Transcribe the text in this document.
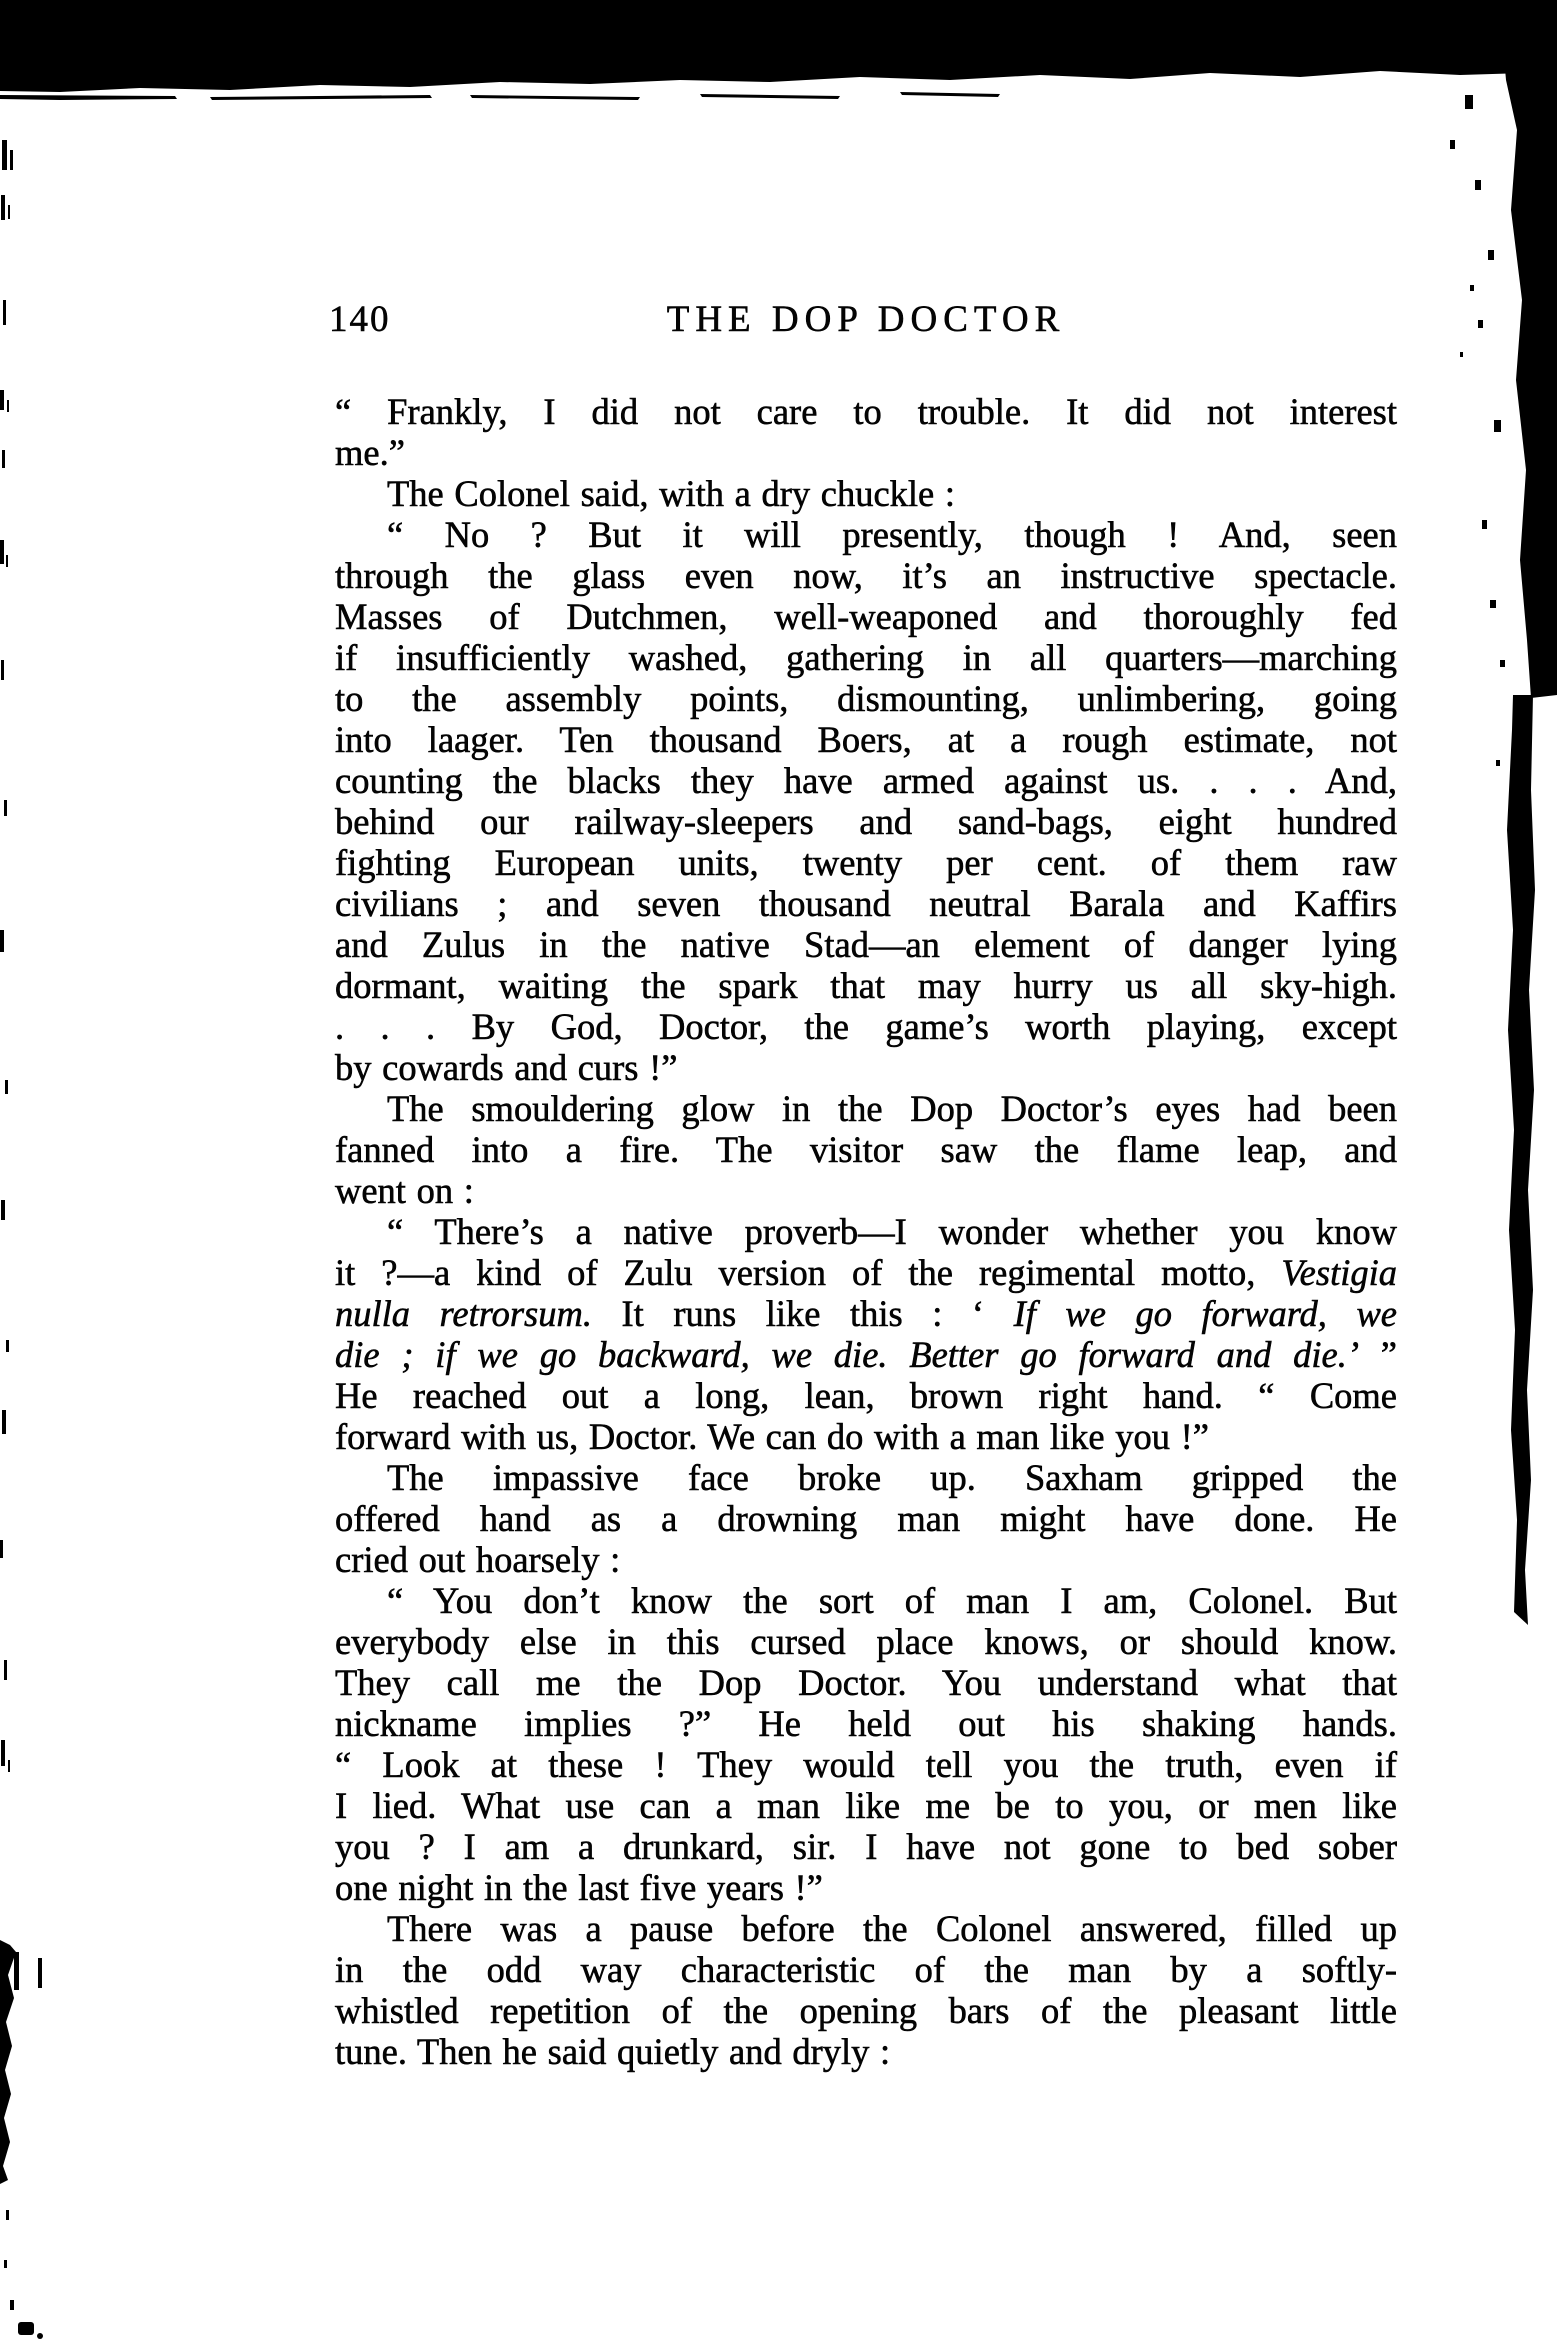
140	THE DOP DOCTOR
“ Frankly, I did not care to trouble. It did not interest
me.”
The Colonel said, with a dry chuckle :
“ No ? But it will presently, though ! And, seen
through the glass even now, it’s an instructive spectacle.
Masses of Dutchmen, well-weaponed and thoroughly fed
if insufficiently washed, gathering in all quarters—marching
to the assembly points, dismounting, unlimbering, going
into laager. Ten thousand Boers, at a rough estimate, not
counting the blacks they have armed against us. . . . And,
behind our railway-sleepers and sand-bags, eight hundred
fighting European units, twenty per cent. of them raw
civilians ; and seven thousand neutral Barala and Kaffirs
and Zulus in the native Stad—an element of danger lying
dormant, waiting the spark that may hurry us all sky-high.
. . . By God, Doctor, the game’s worth playing, except
by cowards and curs !”
The smouldering glow in the Dop Doctor’s eyes had been
fanned into a fire. The visitor saw the flame leap, and
went on :
“ There’s a native proverb—I wonder whether you know
it ?—a kind of Zulu version of the regimental motto, Vestigia
nulla retrorsum. It runs like this : ‘ If we go forward, we
die ; if we go backward, we die. Better go forward and die.’ ”
He reached out a long, lean, brown right hand. “ Come
forward with us, Doctor. We can do with a man like you !”
The impassive face broke up. Saxham gripped the
offered hand as a drowning man might have done. He
cried out hoarsely :
“ You don’t know the sort of man I am, Colonel. But
everybody else in this cursed place knows, or should know.
They call me the Dop Doctor. You understand what that
nickname implies ?” He held out his shaking hands.
“ Look at these ! They would tell you the truth, even if
I lied. What use can a man like me be to you, or men like
you ? I am a drunkard, sir. I have not gone to bed sober
one night in the last five years !”
There was a pause before the Colonel answered, filled up
in the odd way characteristic of the man by a softly-
whistled repetition of the opening bars of the pleasant little
tune. Then he said quietly and dryly :
